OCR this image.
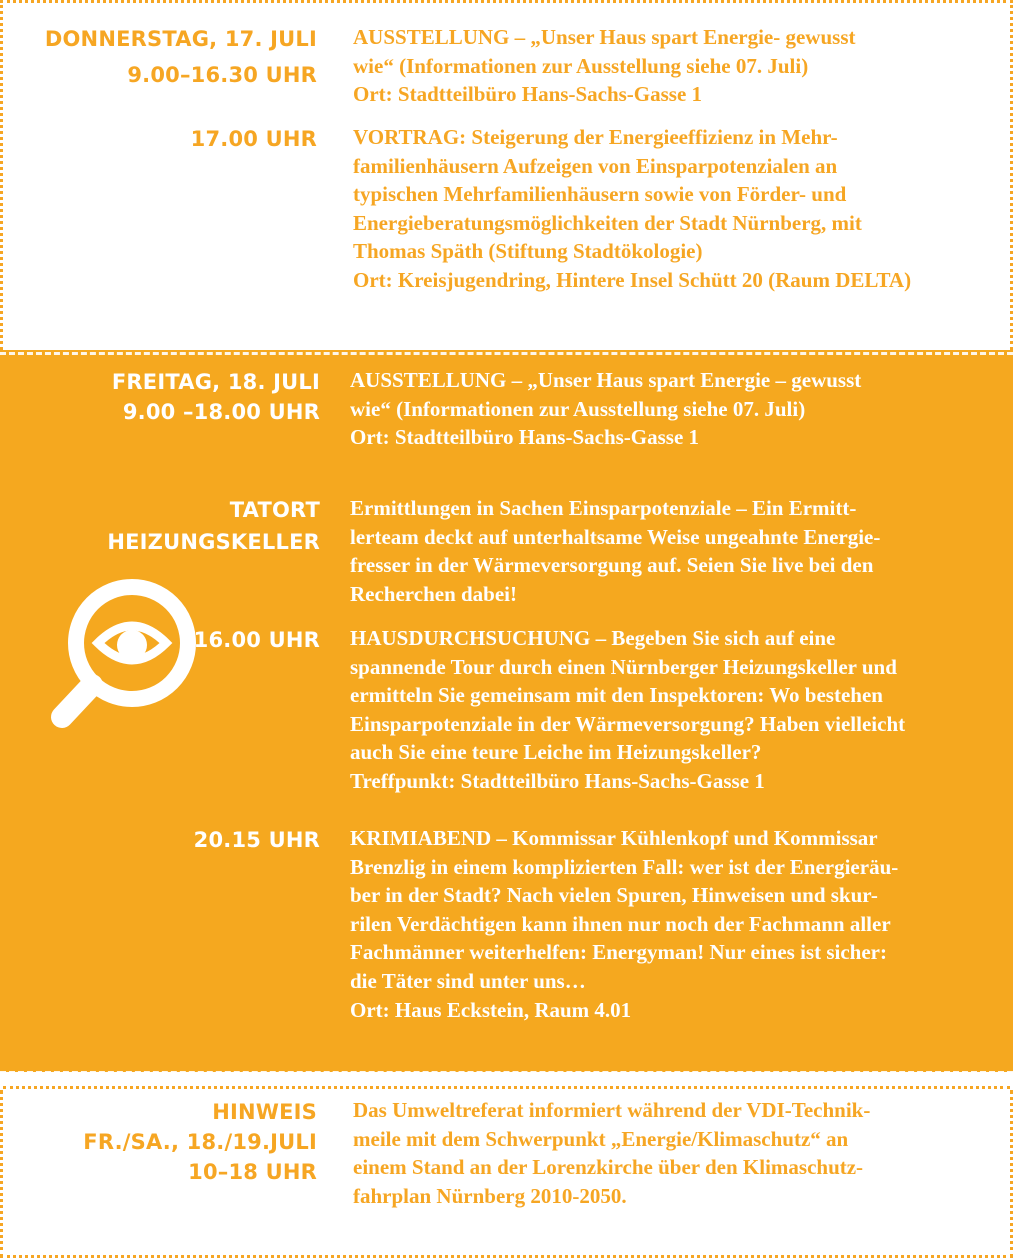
DONNERSTAG, 17. JULI
9.00–16.30 UHR

AUSSTELLUNG – „Unser Haus spart Energie- gewusst

wie“ (Informationen zur Ausstellung siehe 07. Juli)

Ort: Stadtteilbüro Hans-Sachs-Gasse 1

17.00 UHR VORTRAG: Steigerung der Energieeffizienz in Mehr-

familienhäusern Aufzeigen von Einsparpotenzialen an

typischen Mehrfamilienhäusern sowie von Förder- und

Energieberatungsmöglichkeiten der Stadt Nürnberg, mit

Thomas Späth (Stiftung Stadtökologie)

Ort: Kreisjugendring, Hintere Insel Schütt 20 (Raum DELTA)

FREITAG, 18. JULI
9.00 –18.00 UHR

AUSSTELLUNG – „Unser Haus spart Energie – gewusst

wie“ (Informationen zur Ausstellung siehe 07. Juli)

Ort: Stadtteilbüro Hans-Sachs-Gasse 1

TATORT
HEIZUNGSKELLER

Ermittlungen in Sachen Einsparpotenziale – Ein Ermitt-

lerteam deckt auf unterhaltsame Weise ungeahnte Energie-

fresser in der Wärmeversorgung auf. Seien Sie live bei den

Recherchen dabei!

16.00 UHR HAUSDURCHSUCHUNG – Begeben Sie sich auf eine

spannende Tour durch einen Nürnberger Heizungskeller und

ermitteln Sie gemeinsam mit den Inspektoren: Wo bestehen

Einsparpotenziale in der Wärmeversorgung? Haben vielleicht

auch Sie eine teure Leiche im Heizungskeller?

Treffpunkt: Stadtteilbüro Hans-Sachs-Gasse 1

20.15 UHR KRIMIABEND – Kommissar Kühlenkopf und Kommissar

Brenzlig in einem komplizierten Fall: wer ist der Energieräu-

ber in der Stadt? Nach vielen Spuren, Hinweisen und skur-

rilen Verdächtigen kann ihnen nur noch der Fachmann aller

Fachmänner weiterhelfen: Energyman! Nur eines ist sicher:

die Täter sind unter uns…

Ort: Haus Eckstein, Raum 4.01

HINWEIS
FR./SA., 18./19.JULI
10–18 UHR

Das Umweltreferat informiert während der VDI-Technik-

meile mit dem Schwerpunkt „Energie/Klimaschutz“ an

einem Stand an der Lorenzkirche über den Klimaschutz-

fahrplan Nürnberg 2010-2050.
